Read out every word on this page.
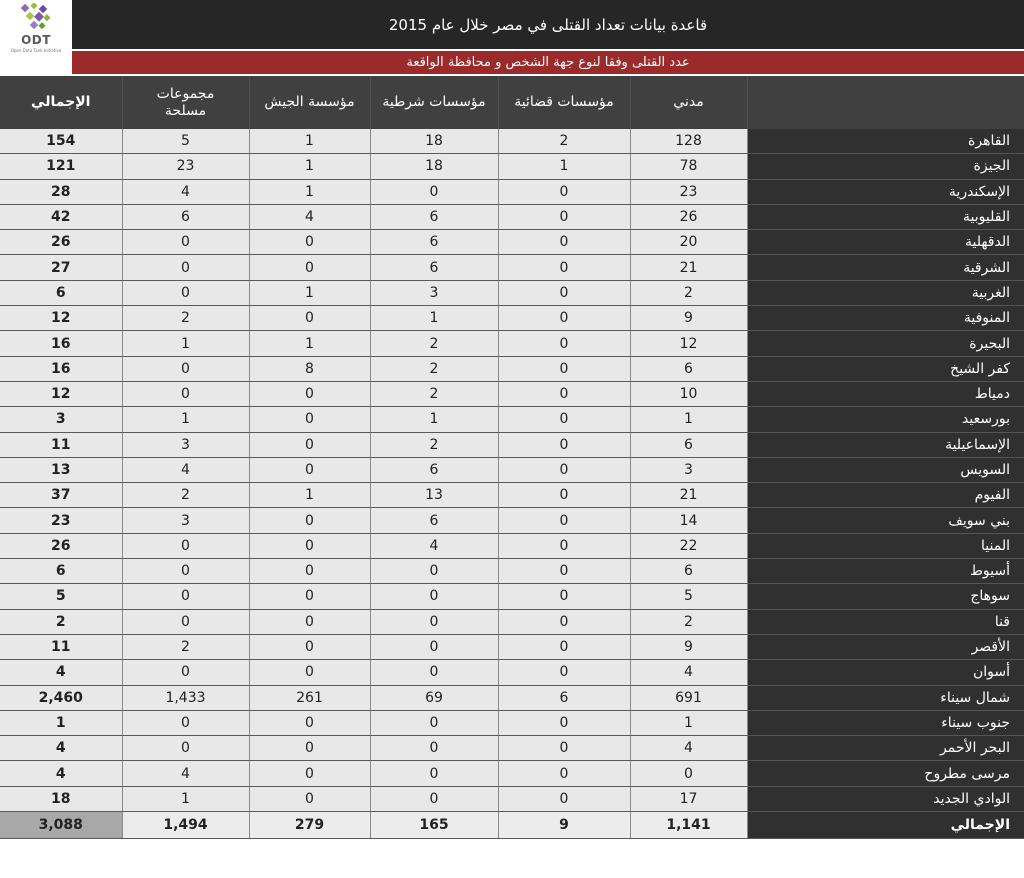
ODT
Open Data Tank Initiative
قاعدة بيانات تعداد القتلى في مصر خلال عام 2015
عدد القتلى وفقا لنوع جهة الشخص و محافظة الواقعة
الإجمالي	مجموعات مسلحة	مؤسسة الجيش	مؤسسات شرطية	مؤسسات قضائية	مدني	
154	5	1	18	2	128	القاهرة
121	23	1	18	1	78	الجيزة
28	4	1	0	0	23	الإسكندرية
42	6	4	6	0	26	القليوبية
26	0	0	6	0	20	الدقهلية
27	0	0	6	0	21	الشرقية
6	0	1	3	0	2	الغربية
12	2	0	1	0	9	المنوفية
16	1	1	2	0	12	البحيرة
16	0	8	2	0	6	كفر الشيخ
12	0	0	2	0	10	دمياط
3	1	0	1	0	1	بورسعيد
11	3	0	2	0	6	الإسماعيلية
13	4	0	6	0	3	السويس
37	2	1	13	0	21	الفيوم
23	3	0	6	0	14	بني سويف
26	0	0	4	0	22	المنيا
6	0	0	0	0	6	أسيوط
5	0	0	0	0	5	سوهاج
2	0	0	0	0	2	قنا
11	2	0	0	0	9	الأقصر
4	0	0	0	0	4	أسوان
2,460	1,433	261	69	6	691	شمال سيناء
1	0	0	0	0	1	جنوب سيناء
4	0	0	0	0	4	البحر الأحمر
4	4	0	0	0	0	مرسى مطروح
18	1	0	0	0	17	الوادي الجديد
3,088	1,494	279	165	9	1,141	الإجمالي
